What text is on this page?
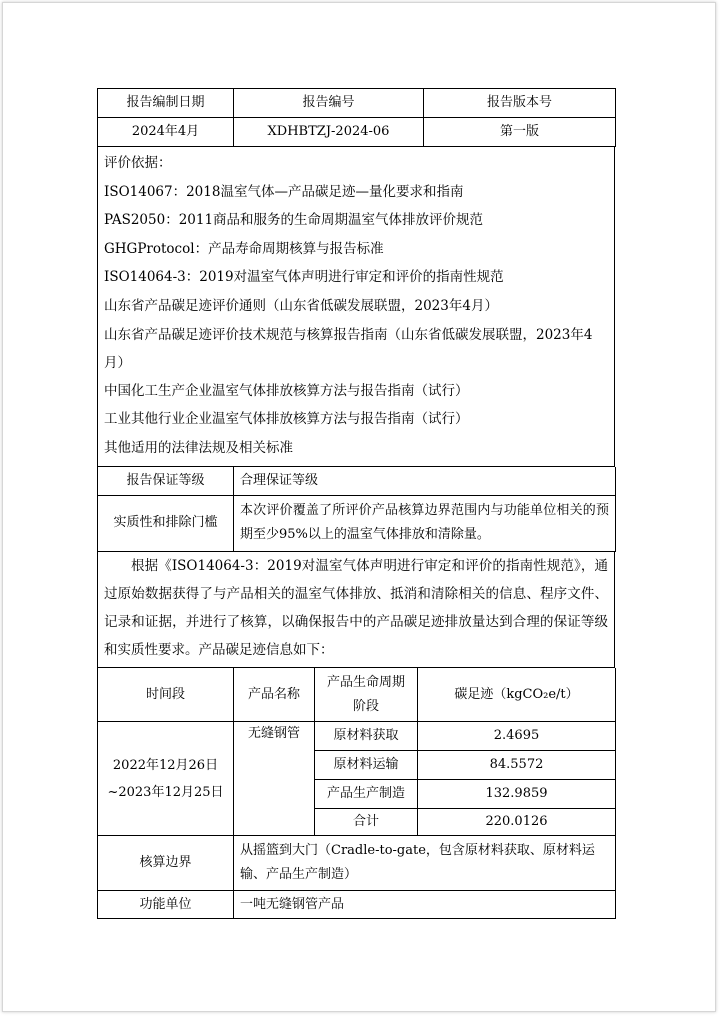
报告编制日期	报告编号	报告版本号
2024年4月	XDHBTZJ-2024-06	第一版
评价依据：
ISO14067：2018温室气体—产品碳足迹—量化要求和指南
PAS2050：2011商品和服务的生命周期温室气体排放评价规范
GHGProtocol：产品寿命周期核算与报告标准
ISO14064-3：2019对温室气体声明进行审定和评价的指南性规范
山东省产品碳足迹评价通则（山东省低碳发展联盟，2023年4月）
山东省产品碳足迹评价技术规范与核算报告指南（山东省低碳发展联盟，2023年4月）
中国化工生产企业温室气体排放核算方法与报告指南（试行）
工业其他行业企业温室气体排放核算方法与报告指南（试行）
其他适用的法律法规及相关标准
报告保证等级	合理保证等级
实质性和排除门槛	本次评价覆盖了所评价产品核算边界范围内与功能单位相关的预期至少95%以上的温室气体排放和清除量。
根据《ISO14064-3：2019对温室气体声明进行审定和评价的指南性规范》，通过原始数据获得了与产品相关的温室气体排放、抵消和清除相关的信息、程序文件、记录和证据，并进行了核算，以确保报告中的产品碳足迹排放量达到合理的保证等级和实质性要求。产品碳足迹信息如下：
时间段	产品名称	产品生命周期阶段	碳足迹（kgCO₂e/t）

2022年12月26日
~2023年12月25日	无缝钢管	原材料获取	2.4695
		原材料运输	84.5572
		产品生产制造	132.9859
		合计	220.0126
核算边界	从摇篮到大门（Cradle-to-gate，包含原材料获取、原材料运输、产品生产制造）		
功能单位	一吨无缝钢管产品		
